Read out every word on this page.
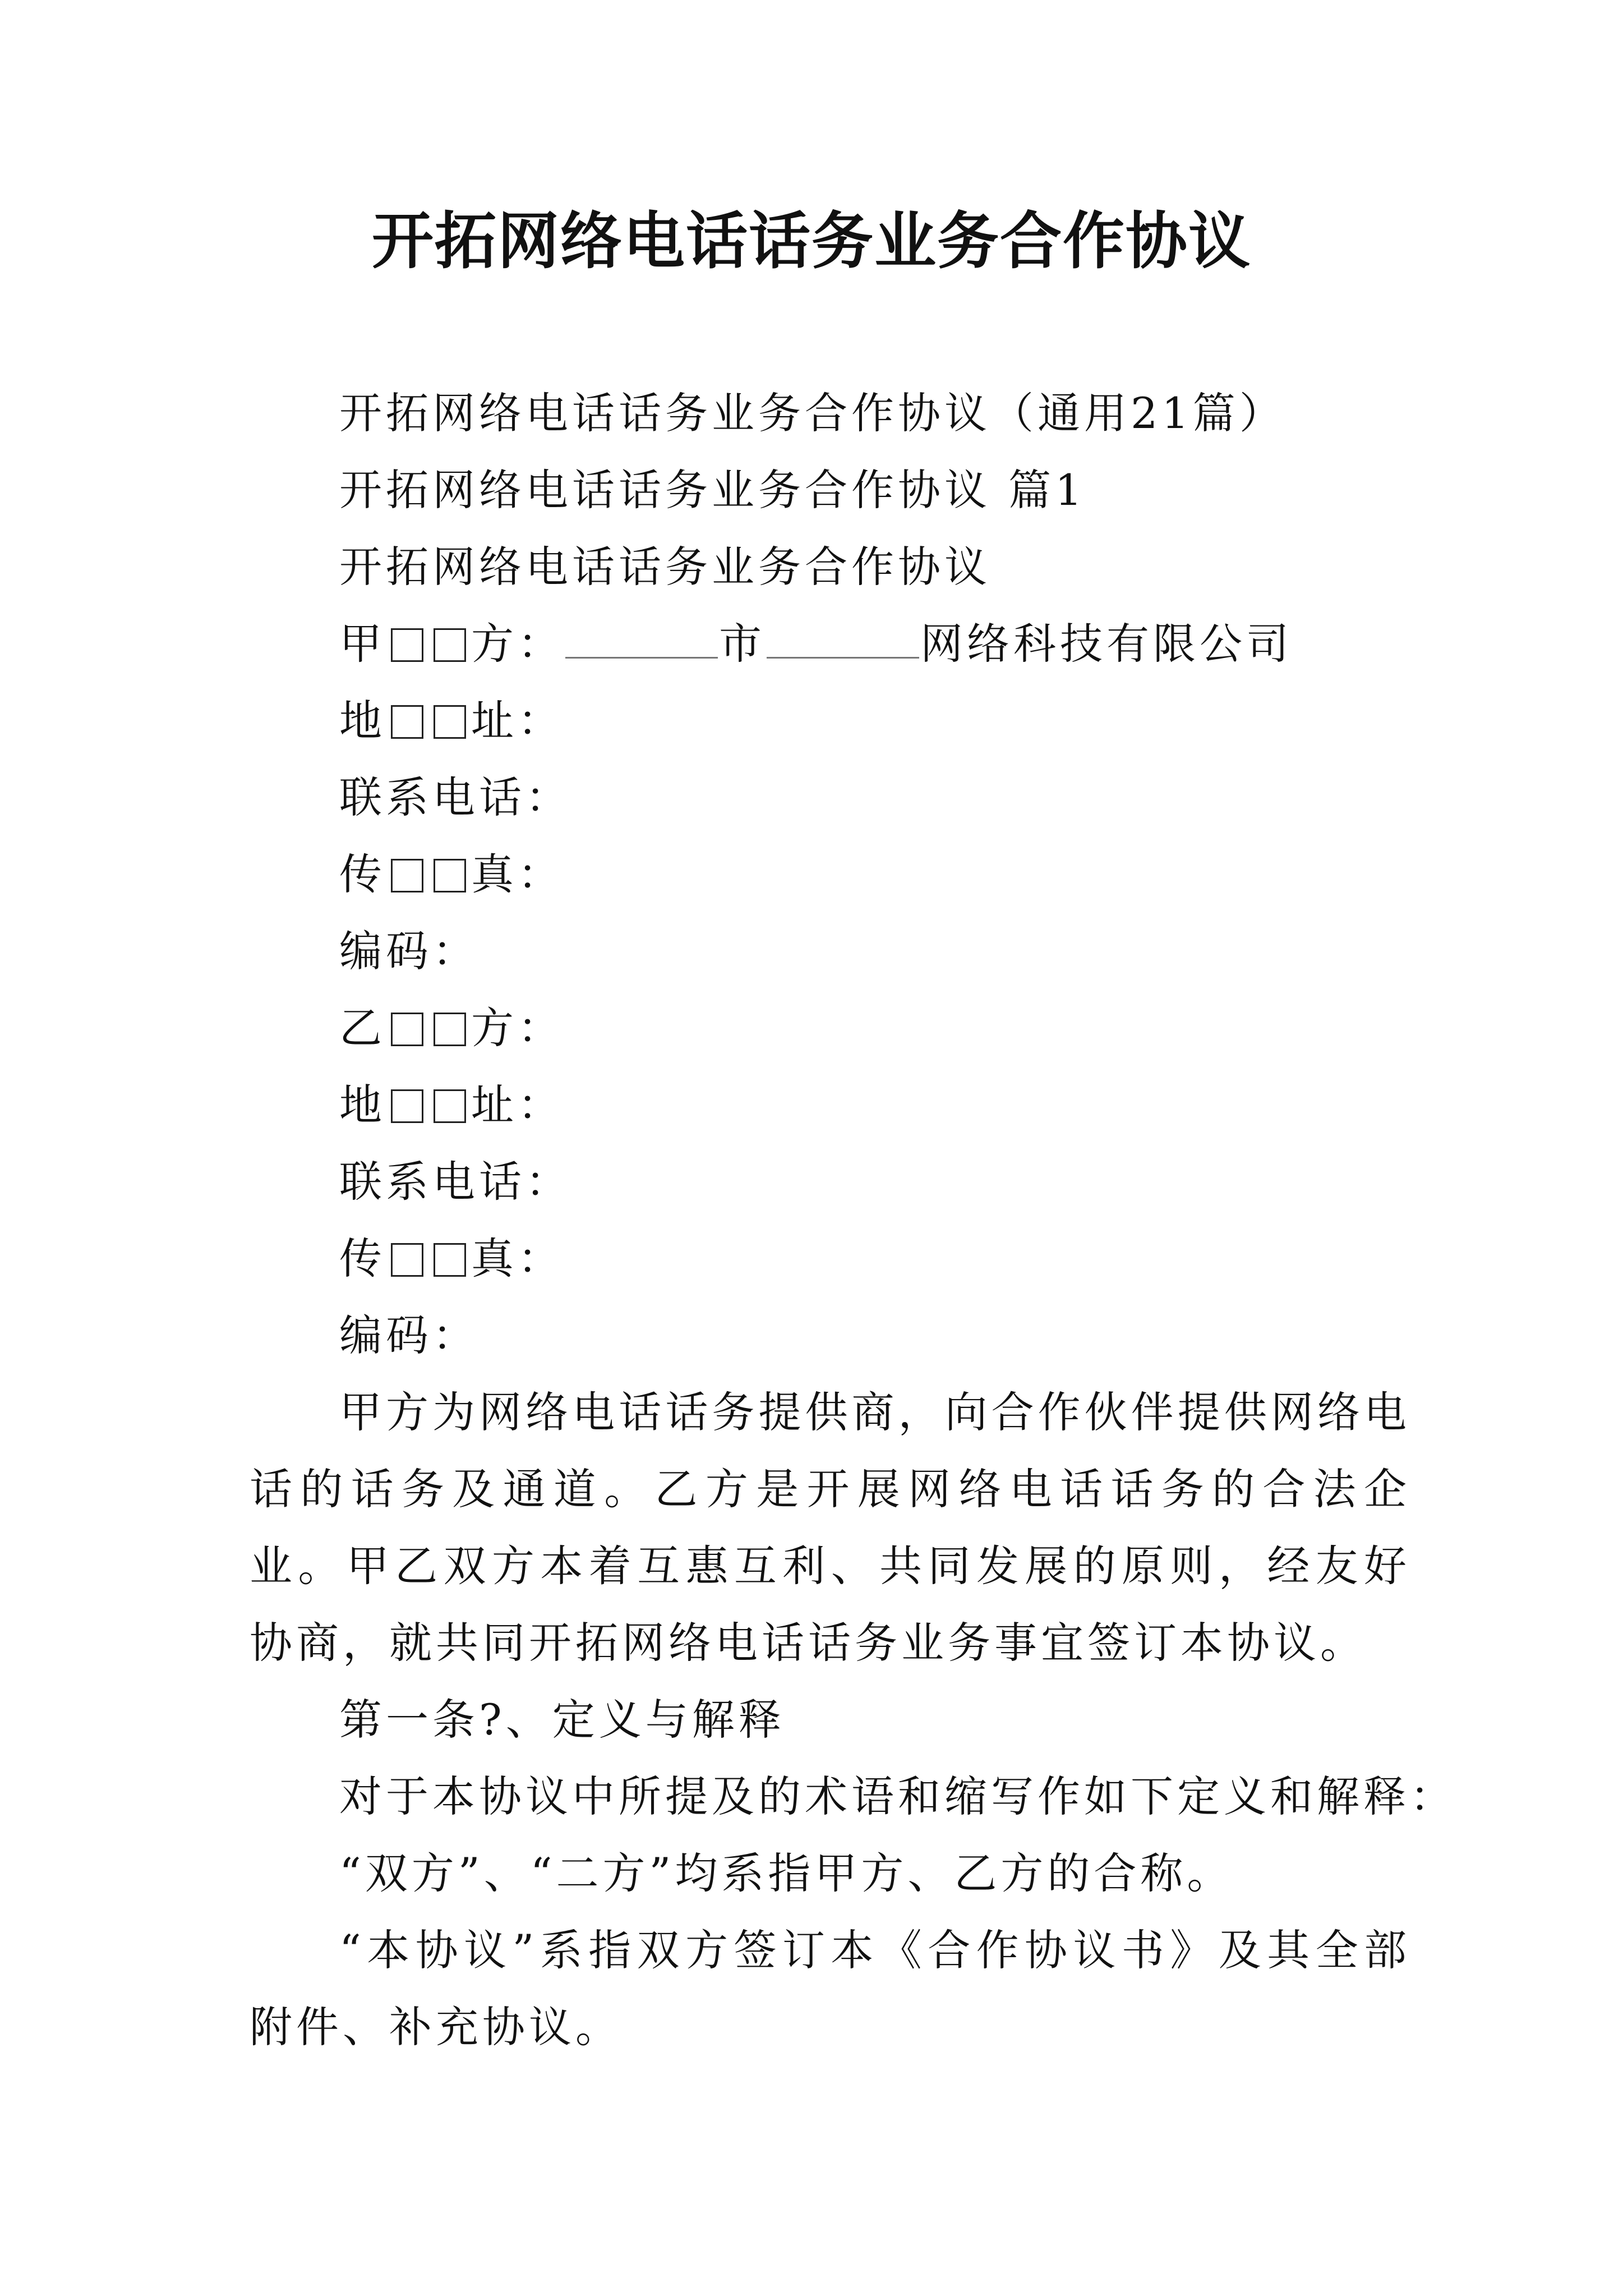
开拓网络电话话务业务合作协议

开拓网络电话话务业务合作协议（通用21篇）

开拓网络电话话务业务合作协议 篇1

开拓网络电话话务业务合作协议

甲 方：	市	网络科技有限公司

地 址：

联系电话：

传 真：

编码：

乙 方：

地 址：

联系电话：

传 真：

编码：

甲方为网络电话话务提供商，向合作伙伴提供网络电话的话务及通道。乙方是开展网络电话话务的合法企业。甲乙双方本着互惠互利、共同发展的原则，经友好协商，就共同开拓网络电话话务业务事宜签订本协议。

第一条?、定义与解释

对于本协议中所提及的术语和缩写作如下定义和解释：

“双方”、“二方”均系指甲方、乙方的合称。

“本协议”系指双方签订本《合作协议书》及其全部附件、补充协议。
